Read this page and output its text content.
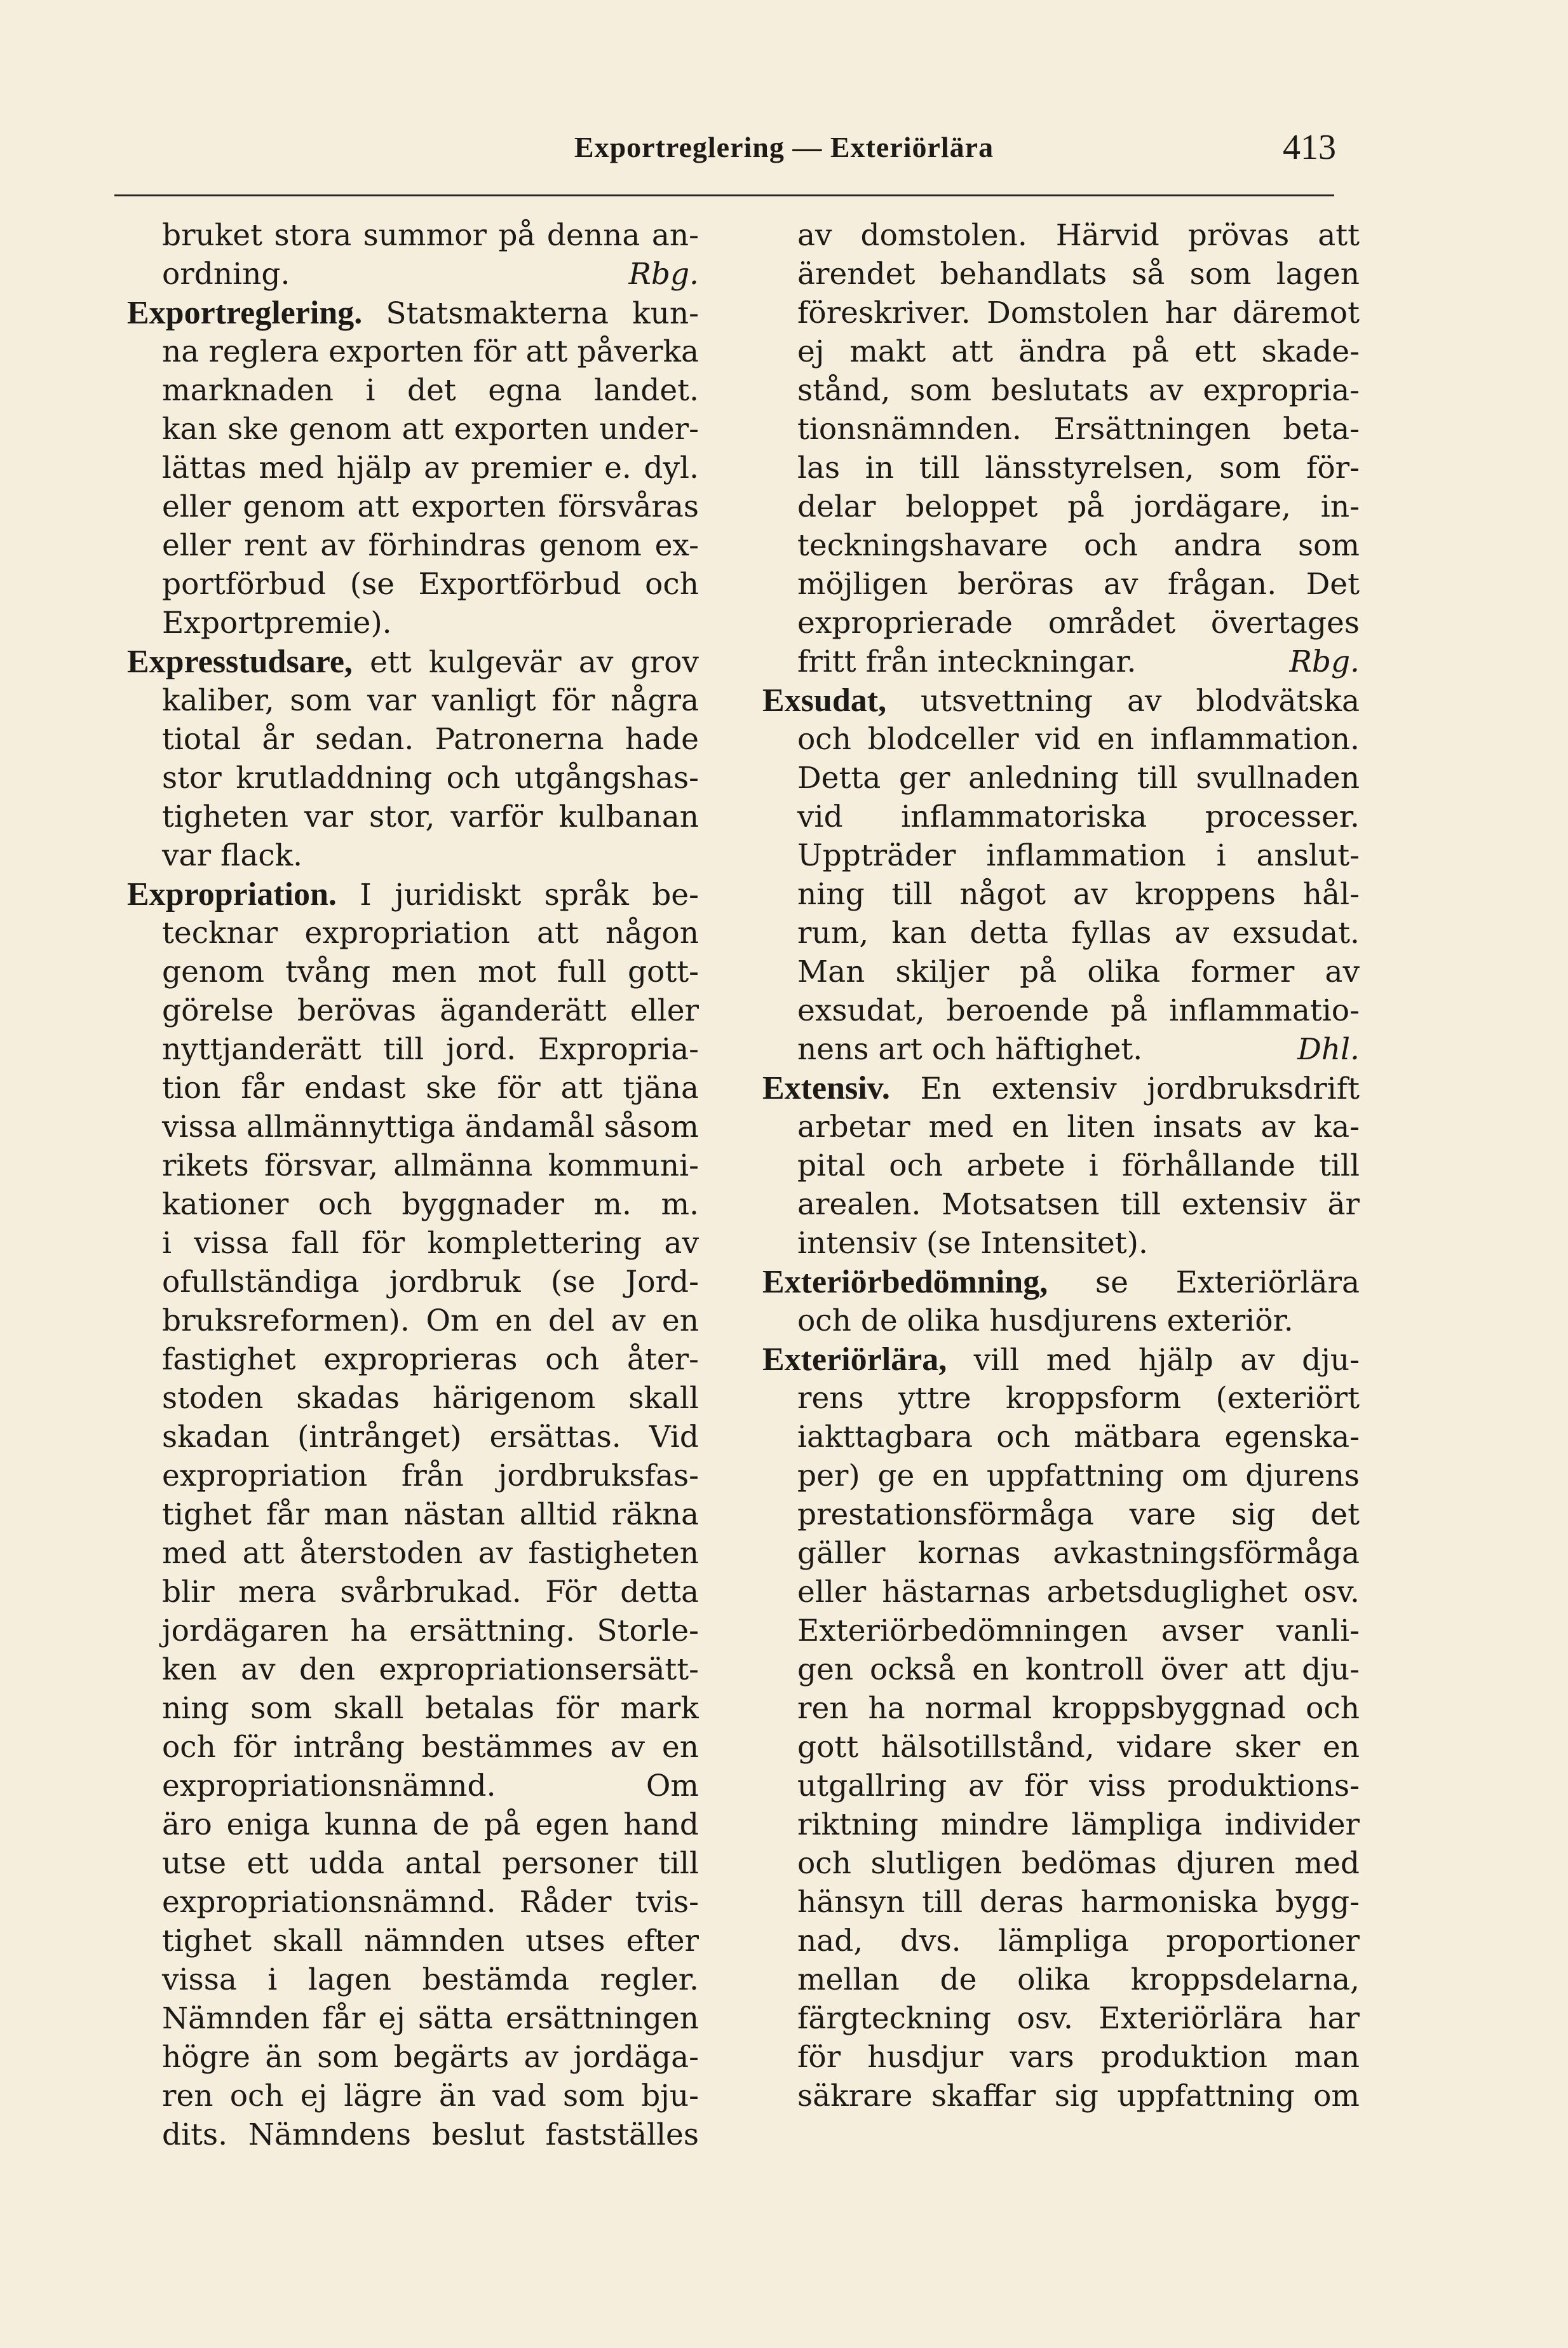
Exportreglering — Exteriörlära	413
bruket stora summor på denna an-
Rbg.
ordning.
Exportreglering. Statsmakterna kun-
na reglera exporten för att påverka
marknaden i det egna landet.
kan ske genom att exporten under-
lättas med hjälp av premier e. dyl.
eller genom att exporten försvåras
eller rent av förhindras genom ex-
portförbud (se Exportförbud och
Exportpremie).
Expresstudsare, ett kulgevär av grov
kaliber, som var vanligt för några
tiotal år sedan. Patronerna hade
stor krutladdning och utgångshas-
tigheten var stor, varför kulbanan
var flack.
Expropriation. I juridiskt språk be-
tecknar expropriation att någon
genom tvång men mot full gott-
görelse berövas äganderätt eller
nyttjanderätt till jord. Expropria-
tion får endast ske för att tjäna
vissa allmännyttiga ändamål såsom
rikets försvar, allmänna kommuni-
kationer och byggnader m. m.
i vissa fall för komplettering av
ofullständiga jordbruk (se Jord-
bruksreformen). Om en del av en
fastighet exproprieras och åter-
stoden skadas härigenom skall
skadan (intrånget) ersättas. Vid
expropriation från jordbruksfas-
tighet får man nästan alltid räkna
med att återstoden av fastigheten
blir mera svårbrukad. För detta
jordägaren ha ersättning. Storle-
ken av den expropriationsersätt-
ning som skall betalas för mark
och för intrång bestämmes av en
expropriationsnämnd. Om
äro eniga kunna de på egen hand
utse ett udda antal personer till
expropriationsnämnd. Råder tvis-
tighet skall nämnden utses efter
vissa i lagen bestämda regler.
Nämnden får ej sätta ersättningen
högre än som begärts av jordäga-
ren och ej lägre än vad som bju-
dits. Nämndens beslut fastställes
av domstolen. Härvid prövas att
ärendet behandlats så som lagen
föreskriver. Domstolen har däremot
ej makt att ändra på ett skade-
stånd, som beslutats av expropria-
tionsnämnden. Ersättningen beta-
las in till länsstyrelsen, som för-
delar beloppet på jordägare, in-
teckningshavare och andra som
möjligen beröras av frågan. Det
exproprierade området övertages
Rbg.
fritt från inteckningar.
Exsudat, utsvettning av blodvätska
och blodceller vid en inflammation.
Detta ger anledning till svullnaden
vid inflammatoriska processer.
Uppträder inflammation i anslut-
ning till något av kroppens hål-
rum, kan detta fyllas av exsudat.
Man skiljer på olika former av
exsudat, beroende på inflammatio-
Dhl.
nens art och häftighet.
Extensiv. En extensiv jordbruksdrift
arbetar med en liten insats av ka-
pital och arbete i förhållande till
arealen. Motsatsen till extensiv är
intensiv (se Intensitet).
Exteriörbedömning, se Exteriörlära
och de olika husdjurens exteriör.
Exteriörlära, vill med hjälp av dju-
rens yttre kroppsform (exteriört
iakttagbara och mätbara egenska-
per) ge en uppfattning om djurens
prestationsförmåga vare sig det
gäller kornas avkastningsförmåga
eller hästarnas arbetsduglighet osv.
Exteriörbedömningen avser vanli-
gen också en kontroll över att dju-
ren ha normal kroppsbyggnad och
gott hälsotillstånd, vidare sker en
utgallring av för viss produktions-
riktning mindre lämpliga individer
och slutligen bedömas djuren med
hänsyn till deras harmoniska bygg-
nad, dvs. lämpliga proportioner
mellan de olika kroppsdelarna,
färgteckning osv. Exteriörlära har
för husdjur vars produktion man
säkrare skaffar sig uppfattning om
